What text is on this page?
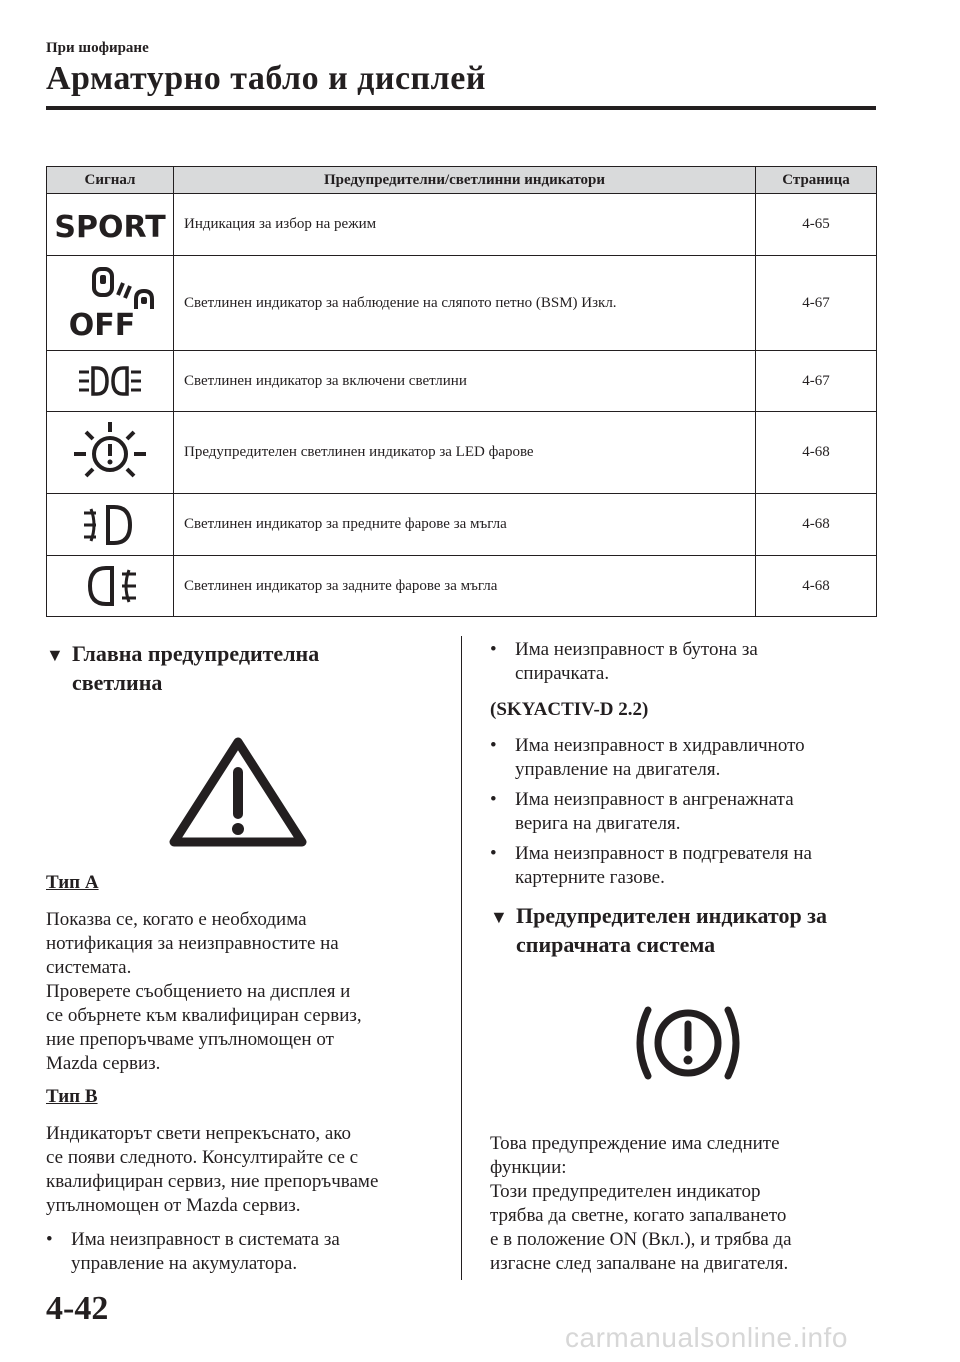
При шофиране
Арматурно табло и дисплей
Сигнал	Предупредителни/светлинни индикатори	Страница

SPORT	Индикация за избор на режим	4-65

OFF	Светлинен индикатор за наблюдение на сляпото петно (BSM) Изкл.	4-67

	Светлинен индикатор за включени светлини	4-67

	Предупредителен светлинен индикатор за LED фарове	4-68

	Светлинен индикатор за предните фарове за мъгла	4-68

	Светлинен индикатор за задните фарове за мъгла	4-68
▼ Главна предупредителна
светлина
Тип A
Показва се, когато е необходима
нотификация за неизправностите на
системата.
Проверете съобщението на дисплея и
се обърнете към квалифициран сервиз,
ние препоръчваме упълномощен от
Mazda сервиз.
Тип B
Индикаторът свети непрекъснато, ако
се появи следното. Консултирайте се с
квалифициран сервиз, ние препоръчваме
упълномощен от Mazda сервиз.
• Има неизправност в системата за
управление на акумулатора.
• Има неизправност в бутона за
спирачката.
(SKYACTIV-D 2.2)
• Има неизправност в хидравличното
управление на двигателя.
• Има неизправност в ангренажната
верига на двигателя.
• Има неизправност в подгревателя на
картерните газове.
▼ Предупредителен индикатор за
спирачната система
Това предупреждение има следните
функции:
Този предупредителен индикатор
трябва да светне, когато запалването
е в положение ON (Вкл.), и трябва да
изгасне след запалване на двигателя.
4-42
carmanualsonline.info
